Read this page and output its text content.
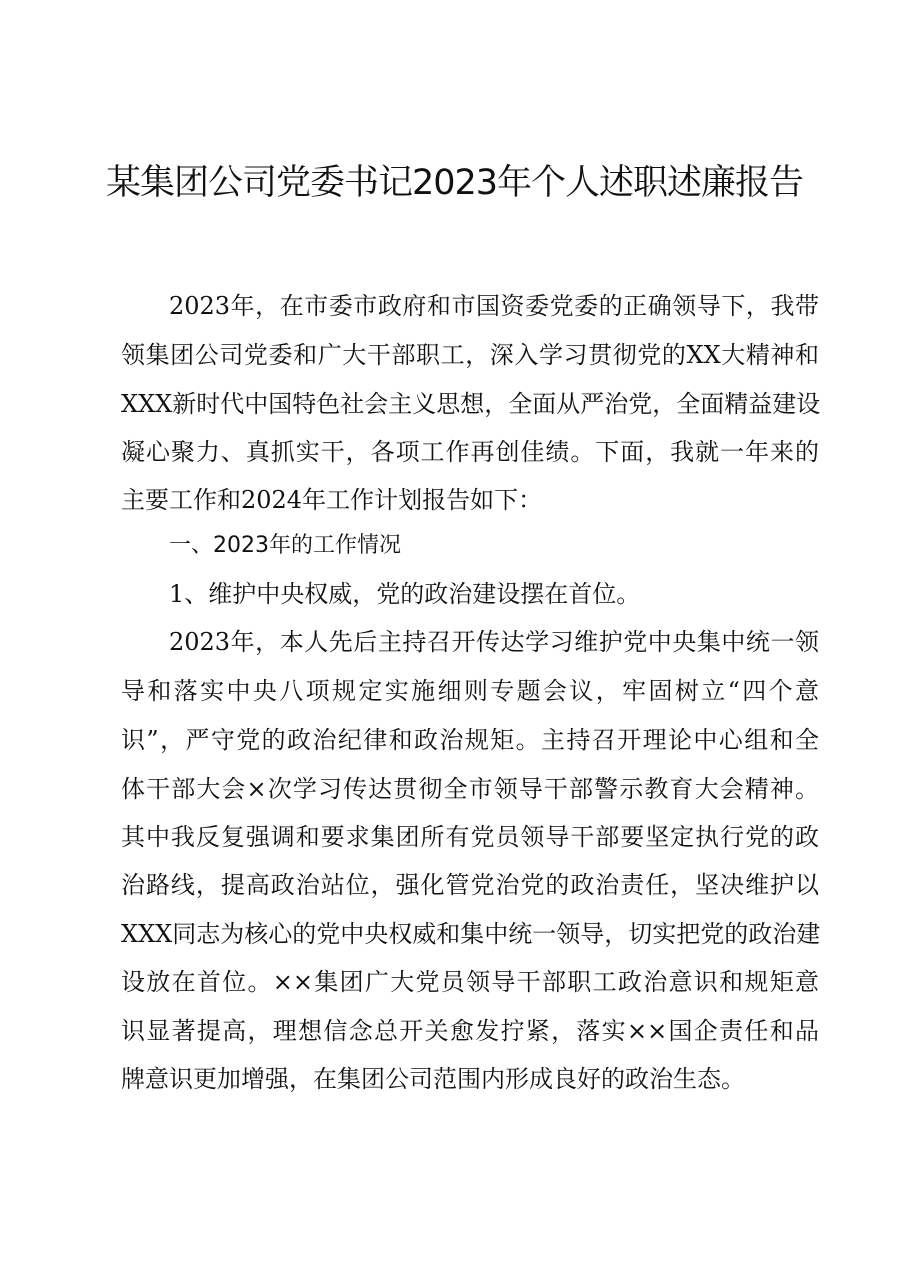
某集团公司党委书记2023年个人述职述廉报告
2023年，在市委市政府和市国资委党委的正确领导下，我带
领集团公司党委和广大干部职工，深入学习贯彻党的XX大精神和
XXX新时代中国特色社会主义思想，全面从严治党，全面精益建设
凝心聚力、真抓实干，各项工作再创佳绩。下面，我就一年来的
主要工作和2024年工作计划报告如下：
一、2023年的工作情况
1、维护中央权威，党的政治建设摆在首位。
2023年，本人先后主持召开传达学习维护党中央集中统一领
导和落实中央八项规定实施细则专题会议，牢固树立“四个意
识”，严守党的政治纪律和政治规矩。主持召开理论中心组和全
体干部大会×次学习传达贯彻全市领导干部警示教育大会精神。
其中我反复强调和要求集团所有党员领导干部要坚定执行党的政
治路线，提高政治站位，强化管党治党的政治责任，坚决维护以
XXX同志为核心的党中央权威和集中统一领导，切实把党的政治建
设放在首位。××集团广大党员领导干部职工政治意识和规矩意
识显著提高，理想信念总开关愈发拧紧，落实××国企责任和品
牌意识更加增强，在集团公司范围内形成良好的政治生态。
